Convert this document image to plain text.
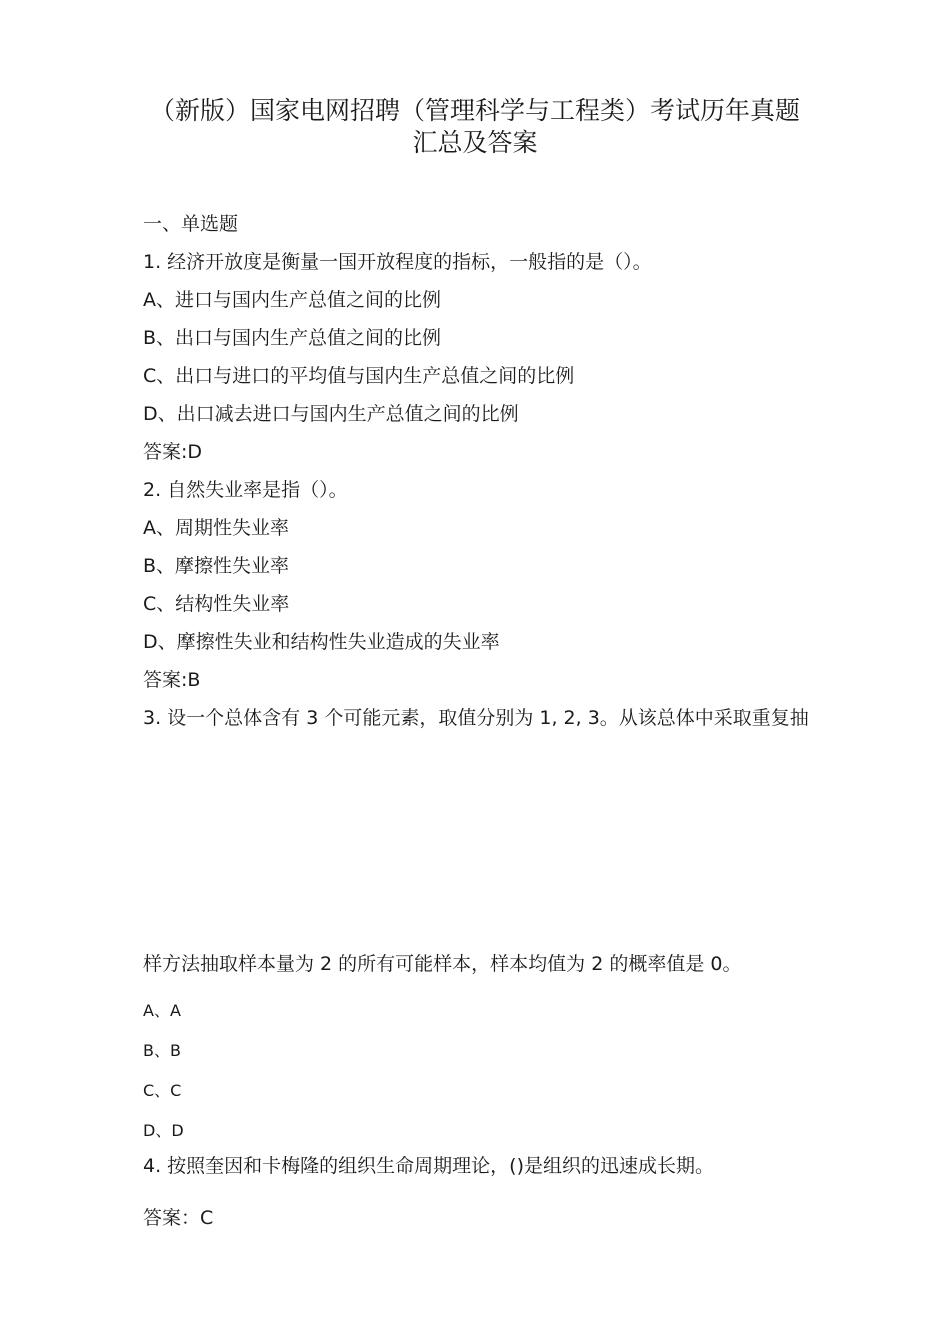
（新版）国家电网招聘（管理科学与工程类）考试历年真题
汇总及答案
一、单选题
1. 经济开放度是衡量一国开放程度的指标，一般指的是（）。
A、进口与国内生产总值之间的比例
B、出口与国内生产总值之间的比例
C、出口与进口的平均值与国内生产总值之间的比例
D、出口减去进口与国内生产总值之间的比例
答案:D
2. 自然失业率是指（）。
A、周期性失业率
B、摩擦性失业率
C、结构性失业率
D、摩擦性失业和结构性失业造成的失业率
答案:B
3. 设一个总体含有 3 个可能元素，取值分别为 1, 2, 3。从该总体中采取重复抽
样方法抽取样本量为 2 的所有可能样本，样本均值为 2 的概率值是 0。
A、A
B、B
C、C
D、D
4. 按照奎因和卡梅隆的组织生命周期理论，()是组织的迅速成长期。
答案：C
